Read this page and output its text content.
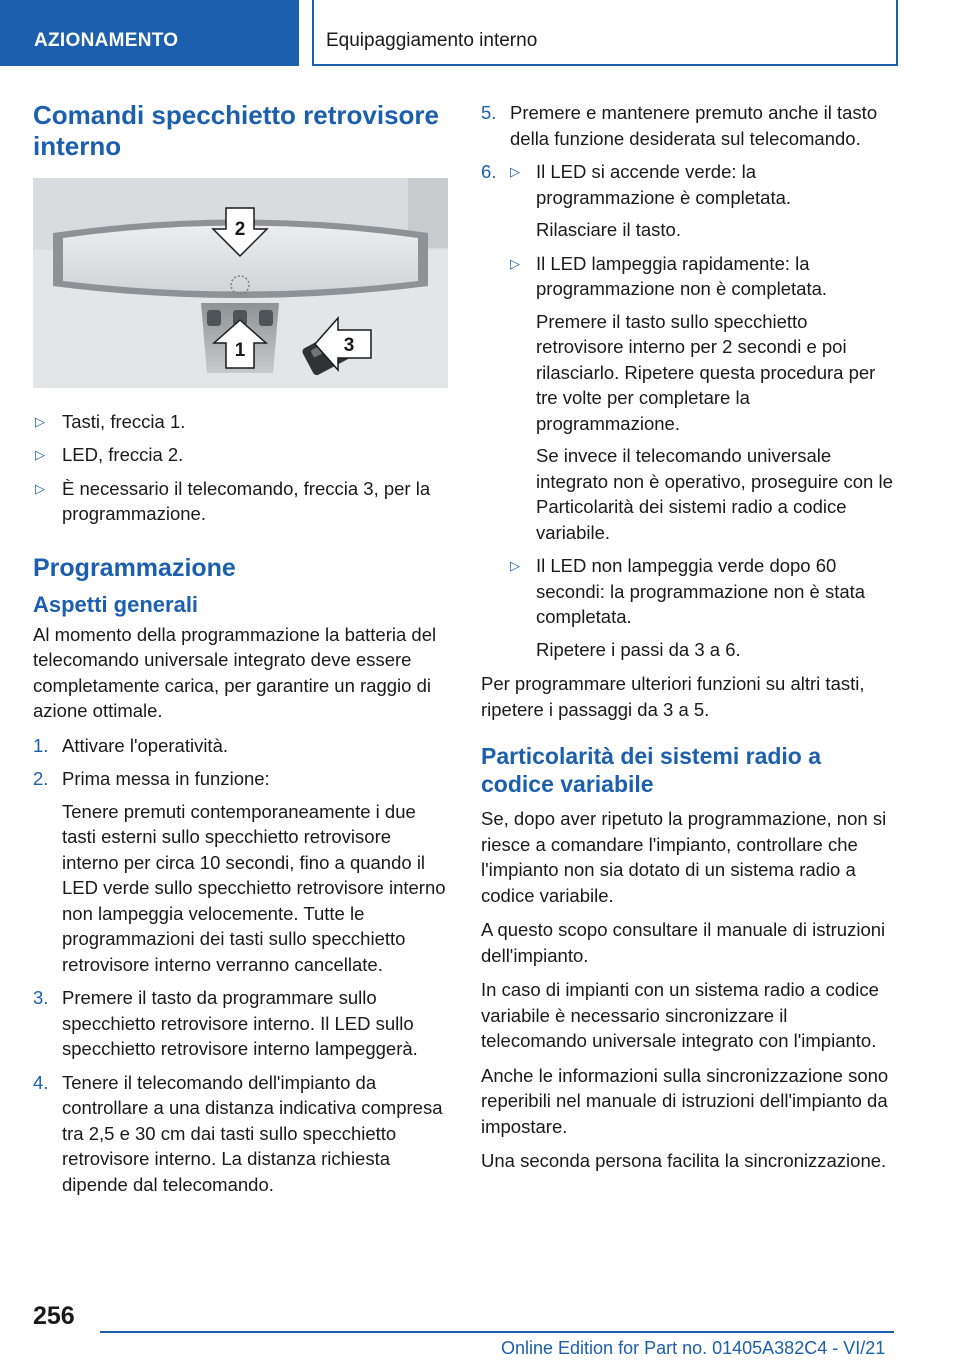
AZIONAMENTO	Equipaggiamento interno
Comandi specchietto retrovisore interno
2
1	3
▷ Tasti, freccia 1.
▷ LED, freccia 2.
▷ È necessario il telecomando, freccia 3, per la programmazione.
Programmazione
Aspetti generali

Al momento della programmazione la batteria del telecomando universale integrato deve essere completamente carica, per garantire un raggio di azione ottimale.

1. Attivare l'operatività.
2. Prima messa in funzione:
Tenere premuti contemporaneamente i due tasti esterni sullo specchietto retrovisore interno per circa 10 secondi, fino a quando il LED verde sullo specchietto retrovisore interno non lampeggia velocemente. Tutte le programmazioni dei tasti sullo specchietto retrovisore interno verranno cancellate.
3. Premere il tasto da programmare sullo specchietto retrovisore interno. Il LED sullo specchietto retrovisore interno lampeggerà.
4. Tenere il telecomando dell'impianto da controllare a una distanza indicativa compresa tra 2,5 e 30 cm dai tasti sullo specchietto retrovisore interno. La distanza richiesta dipende dal telecomando.
5. Premere e mantenere premuto anche il tasto della funzione desiderata sul telecomando.
6. ▷ Il LED si accende verde: la programmazione è completata.
Rilasciare il tasto.
▷ Il LED lampeggia rapidamente: la programmazione non è completata.
Premere il tasto sullo specchietto retrovisore interno per 2 secondi e poi rilasciarlo. Ripetere questa procedura per tre volte per completare la programmazione.
Se invece il telecomando universale integrato non è operativo, proseguire con le Particolarità dei sistemi radio a codice variabile.
▷ Il LED non lampeggia verde dopo 60 secondi: la programmazione non è stata completata.
Ripetere i passi da 3 a 6.

Per programmare ulteriori funzioni su altri tasti, ripetere i passaggi da 3 a 5.

Particolarità dei sistemi radio a codice variabile

Se, dopo aver ripetuto la programmazione, non si riesce a comandare l'impianto, controllare che l'impianto non sia dotato di un sistema radio a codice variabile.

A questo scopo consultare il manuale di istruzioni dell'impianto.

In caso di impianti con un sistema radio a codice variabile è necessario sincronizzare il telecomando universale integrato con l'impianto.

Anche le informazioni sulla sincronizzazione sono reperibili nel manuale di istruzioni dell'impianto da impostare.

Una seconda persona facilita la sincronizzazione.

256
Online Edition for Part no. 01405A382C4 - VI/21
